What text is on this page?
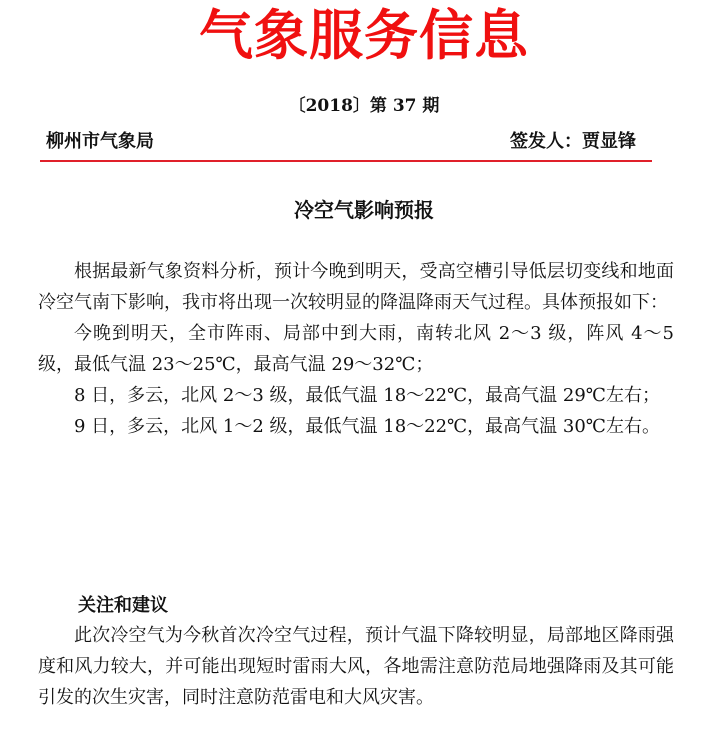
气象服务信息
〔2018〕第 37 期
柳州市气象局	签发人：贾显锋
冷空气影响预报

根据最新气象资料分析，预计今晚到明天，受高空槽引导低层切变线和地面冷空气南下影响，我市将出现一次较明显的降温降雨天气过程。具体预报如下：

今晚到明天，全市阵雨、局部中到大雨，南转北风 2～3 级，阵风 4～5 级，最低气温 23～25℃，最高气温 29～32℃；

8 日，多云，北风 2～3 级，最低气温 18～22℃，最高气温 29℃左右；

9 日，多云，北风 1～2 级，最低气温 18～22℃，最高气温 30℃左右。

关注和建议

此次冷空气为今秋首次冷空气过程，预计气温下降较明显，局部地区降雨强度和风力较大，并可能出现短时雷雨大风，各地需注意防范局地强降雨及其可能引发的次生灾害，同时注意防范雷电和大风灾害。
